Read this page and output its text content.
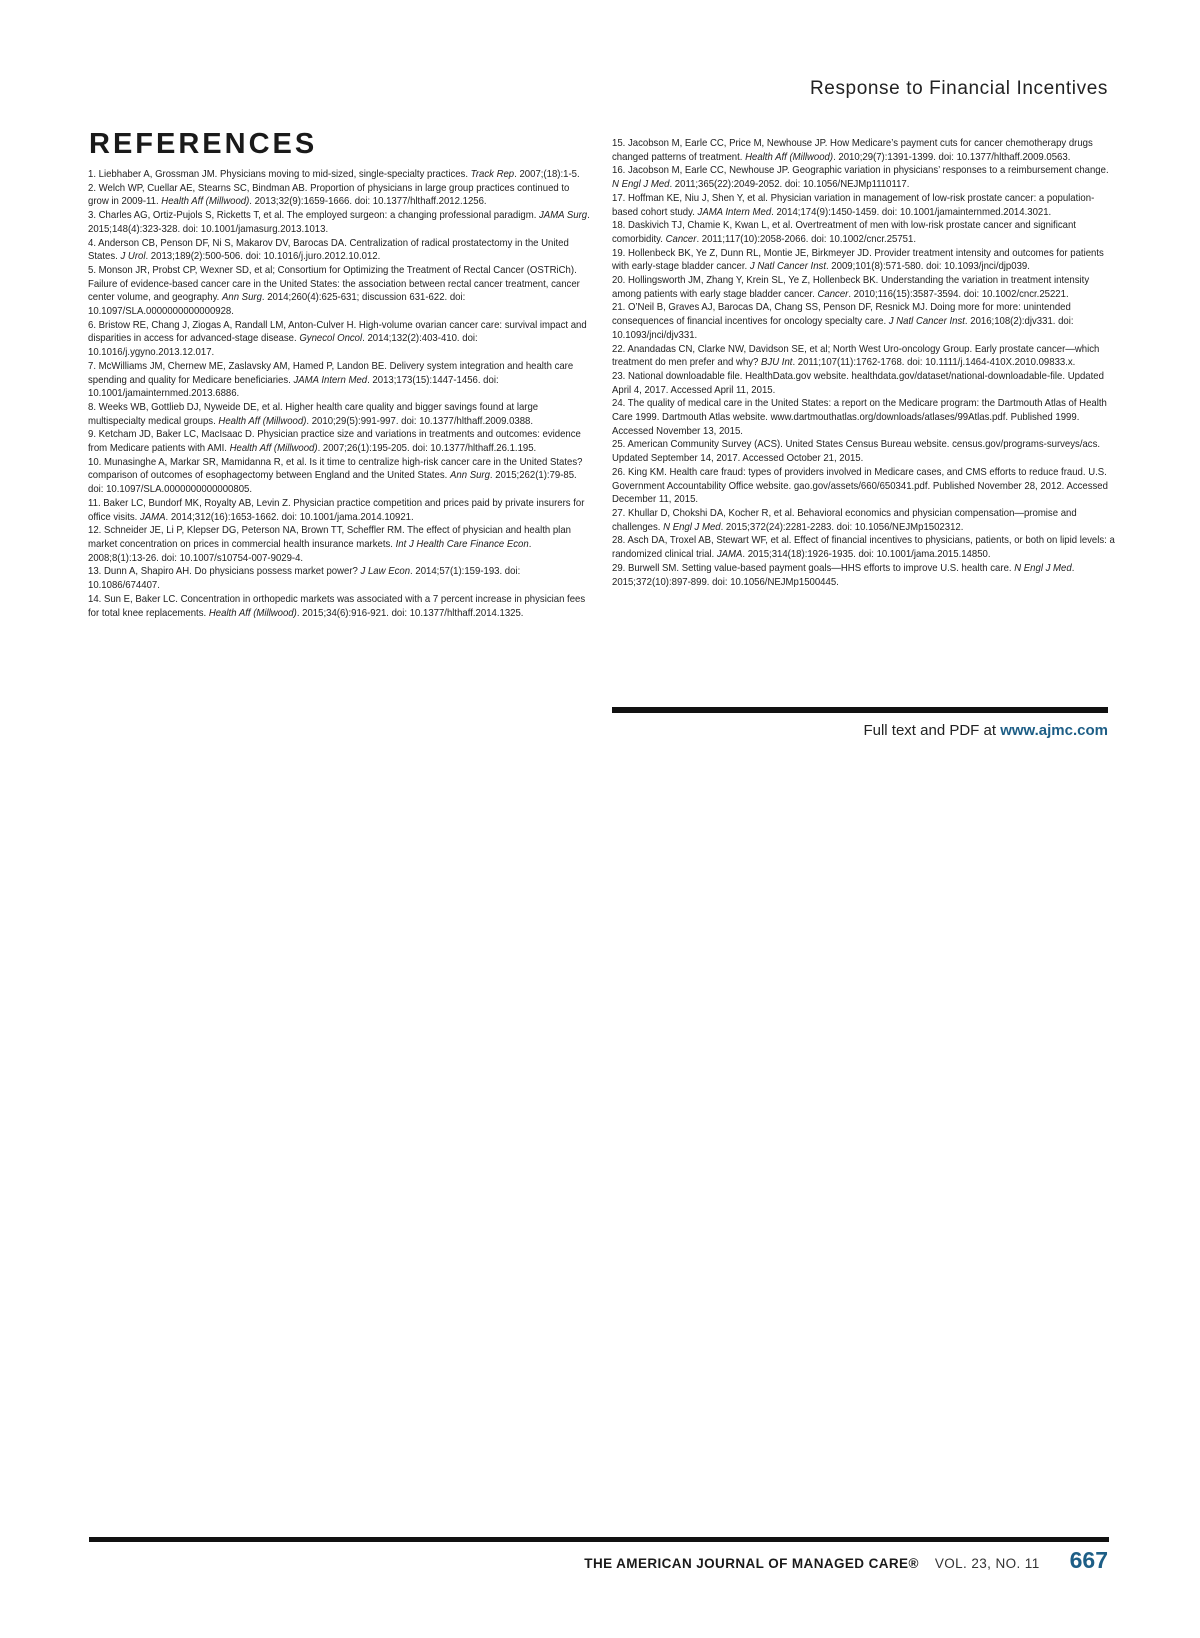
Response to Financial Incentives
REFERENCES

1. Liebhaber A, Grossman JM. Physicians moving to mid-sized, single-specialty practices. Track Rep. 2007;(18):1-5.

2. Welch WP, Cuellar AE, Stearns SC, Bindman AB. Proportion of physicians in large group practices continued to grow in 2009-11. Health Aff (Millwood). 2013;32(9):1659-1666. doi: 10.1377/hlthaff.2012.1256.

3. Charles AG, Ortiz-Pujols S, Ricketts T, et al. The employed surgeon: a changing professional paradigm. JAMA Surg. 2015;148(4):323-328. doi: 10.1001/jamasurg.2013.1013.

4. Anderson CB, Penson DF, Ni S, Makarov DV, Barocas DA. Centralization of radical prostatectomy in the United States. J Urol. 2013;189(2):500-506. doi: 10.1016/j.juro.2012.10.012.

5. Monson JR, Probst CP, Wexner SD, et al; Consortium for Optimizing the Treatment of Rectal Cancer (OSTRiCh). Failure of evidence-based cancer care in the United States: the association between rectal cancer treatment, cancer center volume, and geography. Ann Surg. 2014;260(4):625-631; discussion 631-622. doi: 10.1097/SLA.0000000000000928.

6. Bristow RE, Chang J, Ziogas A, Randall LM, Anton-Culver H. High-volume ovarian cancer care: survival impact and disparities in access for advanced-stage disease. Gynecol Oncol. 2014;132(2):403-410. doi: 10.1016/j.ygyno.2013.12.017.

7. McWilliams JM, Chernew ME, Zaslavsky AM, Hamed P, Landon BE. Delivery system integration and health care spending and quality for Medicare beneficiaries. JAMA Intern Med. 2013;173(15):1447-1456. doi: 10.1001/jamainternmed.2013.6886.

8. Weeks WB, Gottlieb DJ, Nyweide DE, et al. Higher health care quality and bigger savings found at large multispecialty medical groups. Health Aff (Millwood). 2010;29(5):991-997. doi: 10.1377/hlthaff.2009.0388.

9. Ketcham JD, Baker LC, MacIsaac D. Physician practice size and variations in treatments and outcomes: evidence from Medicare patients with AMI. Health Aff (Millwood). 2007;26(1):195-205. doi: 10.1377/hlthaff.26.1.195.

10. Munasinghe A, Markar SR, Mamidanna R, et al. Is it time to centralize high-risk cancer care in the United States? comparison of outcomes of esophagectomy between England and the United States. Ann Surg. 2015;262(1):79-85. doi: 10.1097/SLA.0000000000000805.

11. Baker LC, Bundorf MK, Royalty AB, Levin Z. Physician practice competition and prices paid by private insurers for office visits. JAMA. 2014;312(16):1653-1662. doi: 10.1001/jama.2014.10921.

12. Schneider JE, Li P, Klepser DG, Peterson NA, Brown TT, Scheffler RM. The effect of physician and health plan market concentration on prices in commercial health insurance markets. Int J Health Care Finance Econ. 2008;8(1):13-26. doi: 10.1007/s10754-007-9029-4.

13. Dunn A, Shapiro AH. Do physicians possess market power? J Law Econ. 2014;57(1):159-193. doi: 10.1086/674407.

14. Sun E, Baker LC. Concentration in orthopedic markets was associated with a 7 percent increase in physician fees for total knee replacements. Health Aff (Millwood). 2015;34(6):916-921. doi: 10.1377/hlthaff.2014.1325.

15. Jacobson M, Earle CC, Price M, Newhouse JP. How Medicare’s payment cuts for cancer chemotherapy drugs changed patterns of treatment. Health Aff (Millwood). 2010;29(7):1391-1399. doi: 10.1377/hlthaff.2009.0563.

16. Jacobson M, Earle CC, Newhouse JP. Geographic variation in physicians’ responses to a reimbursement change. N Engl J Med. 2011;365(22):2049-2052. doi: 10.1056/NEJMp1110117.

17. Hoffman KE, Niu J, Shen Y, et al. Physician variation in management of low-risk prostate cancer: a population-based cohort study. JAMA Intern Med. 2014;174(9):1450-1459. doi: 10.1001/jamainternmed.2014.3021.

18. Daskivich TJ, Chamie K, Kwan L, et al. Overtreatment of men with low-risk prostate cancer and significant comorbidity. Cancer. 2011;117(10):2058-2066. doi: 10.1002/cncr.25751.

19. Hollenbeck BK, Ye Z, Dunn RL, Montie JE, Birkmeyer JD. Provider treatment intensity and outcomes for patients with early-stage bladder cancer. J Natl Cancer Inst. 2009;101(8):571-580. doi: 10.1093/jnci/djp039.

20. Hollingsworth JM, Zhang Y, Krein SL, Ye Z, Hollenbeck BK. Understanding the variation in treatment intensity among patients with early stage bladder cancer. Cancer. 2010;116(15):3587-3594. doi: 10.1002/cncr.25221.

21. O’Neil B, Graves AJ, Barocas DA, Chang SS, Penson DF, Resnick MJ. Doing more for more: unintended consequences of financial incentives for oncology specialty care. J Natl Cancer Inst. 2016;108(2):djv331. doi: 10.1093/jnci/djv331.

22. Anandadas CN, Clarke NW, Davidson SE, et al; North West Uro-oncology Group. Early prostate cancer—which treatment do men prefer and why? BJU Int. 2011;107(11):1762-1768. doi: 10.1111/j.1464-410X.2010.09833.x.

23. National downloadable file. HealthData.gov website. healthdata.gov/dataset/national-downloadable-file. Updated April 4, 2017. Accessed April 11, 2015.

24. The quality of medical care in the United States: a report on the Medicare program: the Dartmouth Atlas of Health Care 1999. Dartmouth Atlas website. www.dartmouthatlas.org/downloads/atlases/99Atlas.pdf. Published 1999. Accessed November 13, 2015.

25. American Community Survey (ACS). United States Census Bureau website. census.gov/programs-surveys/acs. Updated September 14, 2017. Accessed October 21, 2015.

26. King KM. Health care fraud: types of providers involved in Medicare cases, and CMS efforts to reduce fraud. U.S. Government Accountability Office website. gao.gov/assets/660/650341.pdf. Published November 28, 2012. Accessed December 11, 2015.

27. Khullar D, Chokshi DA, Kocher R, et al. Behavioral economics and physician compensation—promise and challenges. N Engl J Med. 2015;372(24):2281-2283. doi: 10.1056/NEJMp1502312.

28. Asch DA, Troxel AB, Stewart WF, et al. Effect of financial incentives to physicians, patients, or both on lipid levels: a randomized clinical trial. JAMA. 2015;314(18):1926-1935. doi: 10.1001/jama.2015.14850.

29. Burwell SM. Setting value-based payment goals—HHS efforts to improve U.S. health care. N Engl J Med. 2015;372(10):897-899. doi: 10.1056/NEJMp1500445.

Full text and PDF at www.ajmc.com
THE AMERICAN JOURNAL OF MANAGED CARE® VOL. 23, NO. 11 667
